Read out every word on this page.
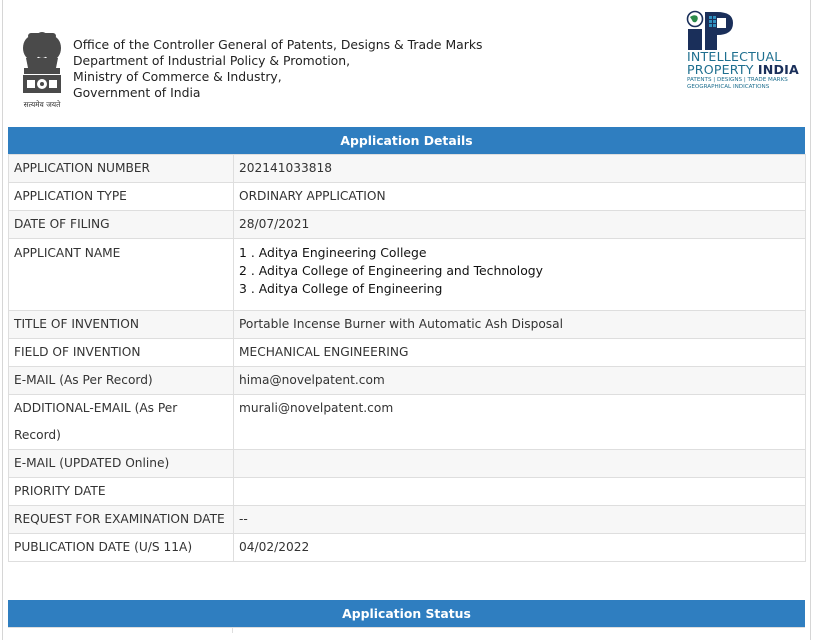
सत्यमेव जयते
Office of the Controller General of Patents, Designs & Trade Marks
Department of Industrial Policy & Promotion,
Ministry of Commerce & Industry,
Government of India
INTELLECTUAL
PROPERTY INDIA
PATENTS | DESIGNS | TRADE MARKS
GEOGRAPHICAL INDICATIONS
Application Details
APPLICATION NUMBER	202141033818
APPLICATION TYPE	ORDINARY APPLICATION
DATE OF FILING	28/07/2021
APPLICANT NAME	1 . Aditya Engineering College
2 . Aditya College of Engineering and Technology
3 . Aditya College of Engineering

TITLE OF INVENTION	Portable Incense Burner with Automatic Ash Disposal
FIELD OF INVENTION	MECHANICAL ENGINEERING
E-MAIL (As Per Record)	hima@novelpatent.com
ADDITIONAL-EMAIL (As Per Record)	murali@novelpatent.com
E-MAIL (UPDATED Online)	
PRIORITY DATE	
REQUEST FOR EXAMINATION DATE	--
PUBLICATION DATE (U/S 11A)	04/02/2022
Application Status
